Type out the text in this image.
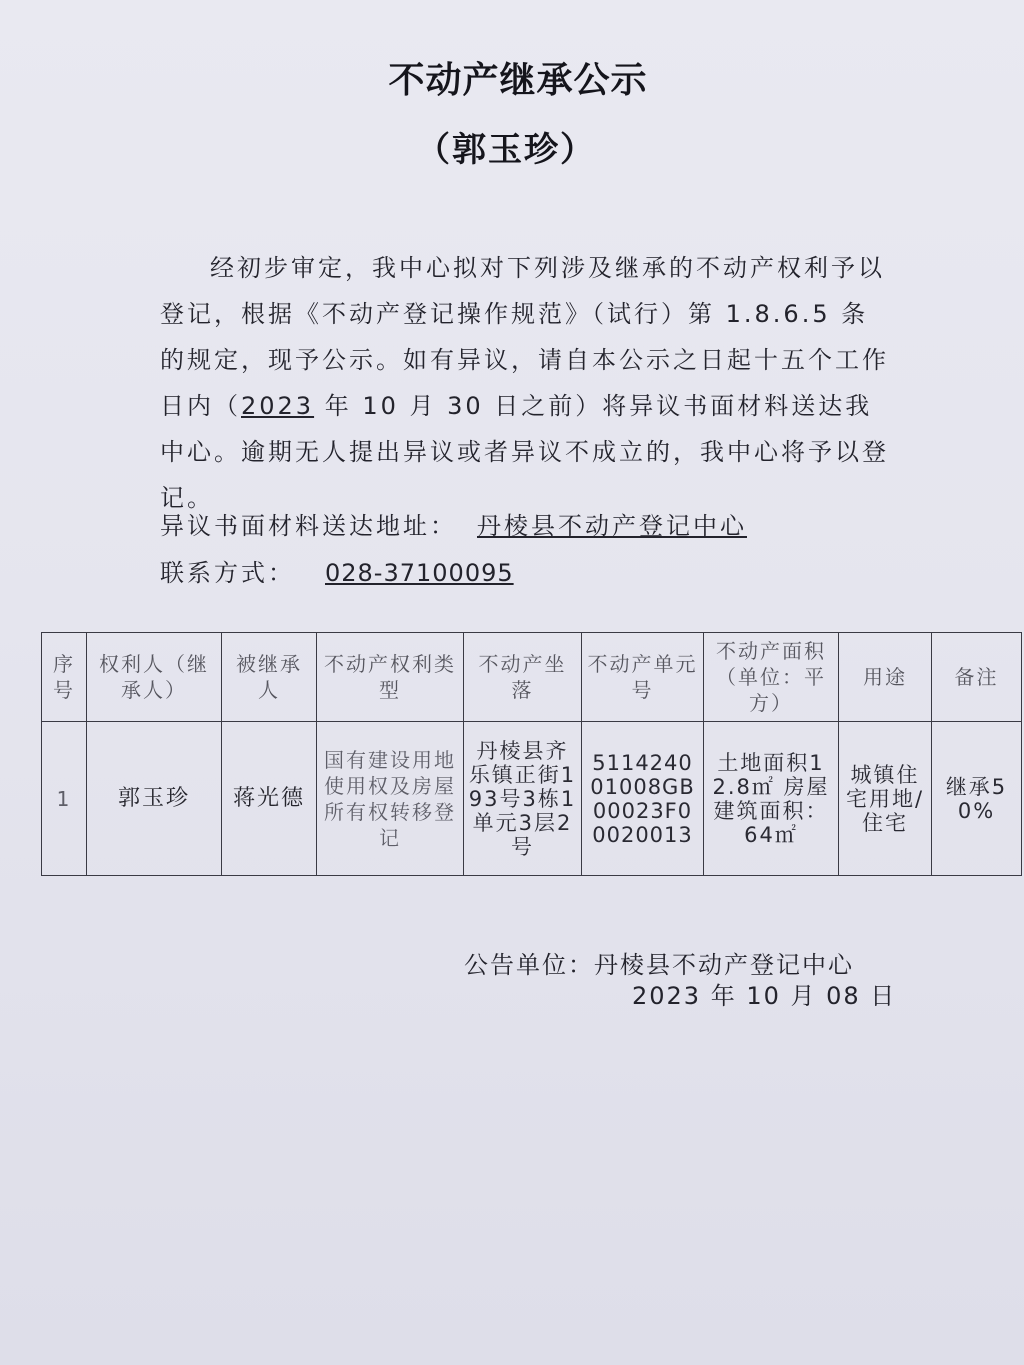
不动产继承公示
（郭玉珍）

经初步审定，我中心拟对下列涉及继承的不动产权利予以登记，根据《不动产登记操作规范》（试行）第 1.8.6.5 条的规定，现予公示。如有异议，请自本公示之日起十五个工作日内（2023 年 10 月 30 日之前）将异议书面材料送达我中心。逾期无人提出异议或者异议不成立的，我中心将予以登记。

异议书面材料送达地址： 丹棱县不动产登记中心
联系方式： 028-37100095
序号	权利人（继承人）	被继承人	不动产权利类型	不动产坐落	不动产单元号	不动产面积（单位：平方）	用途	备注
1	郭玉珍	蒋光德	国有建设用地使用权及房屋所有权转移登记	丹棱县齐乐镇正街193号3栋1单元3层2号	511424001008GB00023F00020013	土地面积12.8㎡ 房屋建筑面积：64㎡	城镇住宅用地/住宅	继承50%
公告单位：丹棱县不动产登记中心
2023 年 10 月 08 日
